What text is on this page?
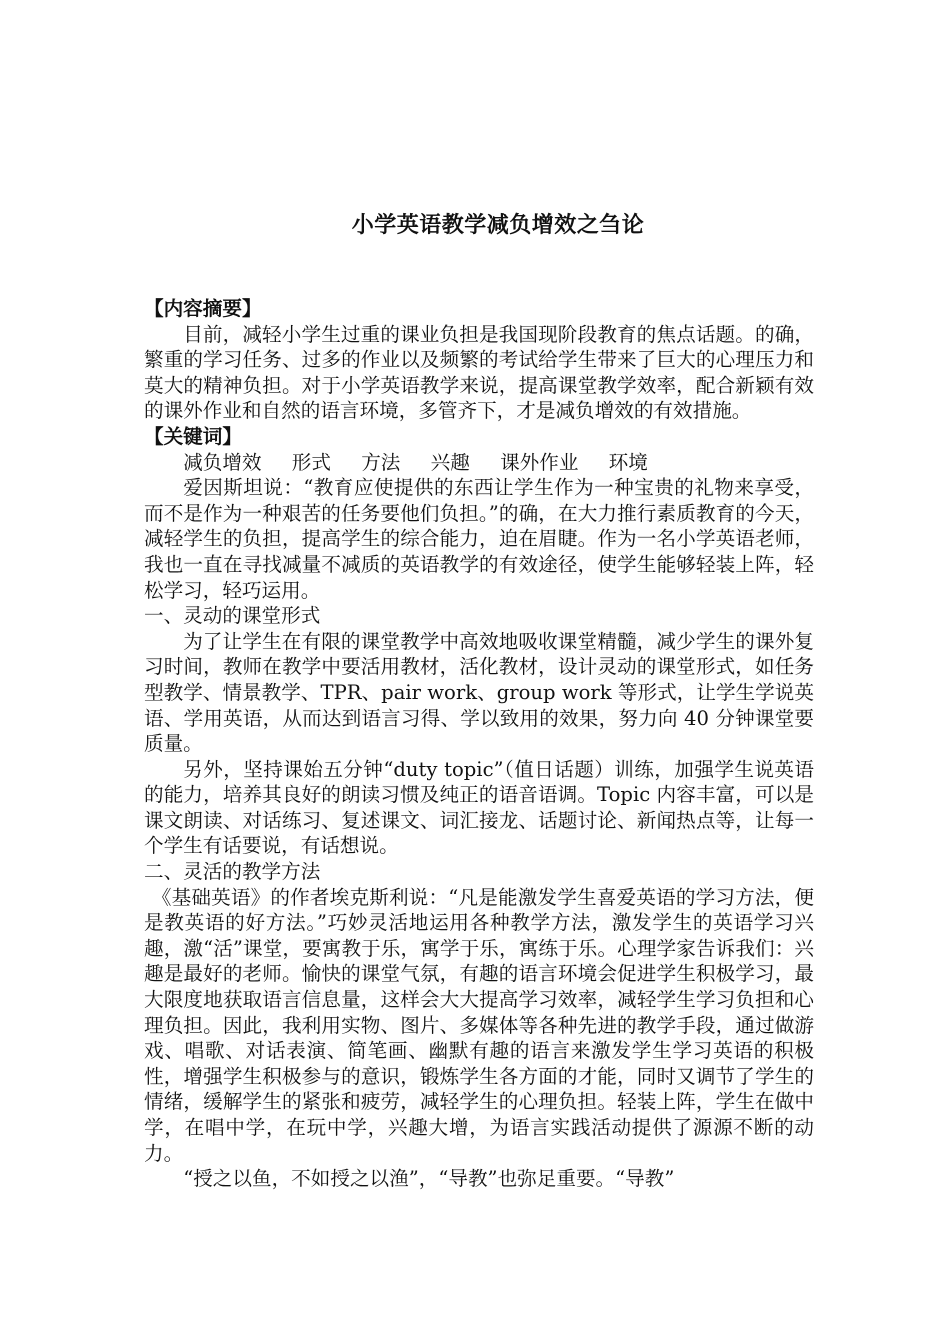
小学英语教学减负增效之刍论

【内容摘要】

目前，减轻小学生过重的课业负担是我国现阶段教育的焦点话题。的确，繁重的学习任务、过多的作业以及频繁的考试给学生带来了巨大的心理压力和莫大的精神负担。对于小学英语教学来说，提高课堂教学效率，配合新颖有效的课外作业和自然的语言环境，多管齐下，才是减负增效的有效措施。

【关键词】

减负增效 形式 方法 兴趣 课外作业 环境

爱因斯坦说：“教育应使提供的东西让学生作为一种宝贵的礼物来享受，而不是作为一种艰苦的任务要他们负担。”的确，在大力推行素质教育的今天，减轻学生的负担，提高学生的综合能力，迫在眉睫。作为一名小学英语老师，我也一直在寻找减量不减质的英语教学的有效途径，使学生能够轻装上阵，轻松学习，轻巧运用。

一、灵动的课堂形式

为了让学生在有限的课堂教学中高效地吸收课堂精髓，减少学生的课外复习时间，教师在教学中要活用教材，活化教材，设计灵动的课堂形式，如任务型教学、情景教学、TPR、pair work、group work 等形式，让学生学说英语、学用英语，从而达到语言习得、学以致用的效果，努力向 40 分钟课堂要质量。

另外，坚持课始五分钟“duty topic”（值日话题）训练，加强学生说英语的能力，培养其良好的朗读习惯及纯正的语音语调。Topic 内容丰富，可以是课文朗读、对话练习、复述课文、词汇接龙、话题讨论、新闻热点等，让每一个学生有话要说，有话想说。

二、灵活的教学方法

《基础英语》的作者埃克斯利说：“凡是能激发学生喜爱英语的学习方法，便是教英语的好方法。”巧妙灵活地运用各种教学方法，激发学生的英语学习兴趣，激“活”课堂，要寓教于乐，寓学于乐，寓练于乐。心理学家告诉我们：兴趣是最好的老师。愉快的课堂气氛，有趣的语言环境会促进学生积极学习，最大限度地获取语言信息量，这样会大大提高学习效率，减轻学生学习负担和心理负担。因此，我利用实物、图片、多媒体等各种先进的教学手段，通过做游戏、唱歌、对话表演、简笔画、幽默有趣的语言来激发学生学习英语的积极性，增强学生积极参与的意识，锻炼学生各方面的才能，同时又调节了学生的情绪，缓解学生的紧张和疲劳，减轻学生的心理负担。轻装上阵，学生在做中学，在唱中学，在玩中学，兴趣大增，为语言实践活动提供了源源不断的动力。

“授之以鱼，不如授之以渔”，“导教”也弥足重要。“导教”
